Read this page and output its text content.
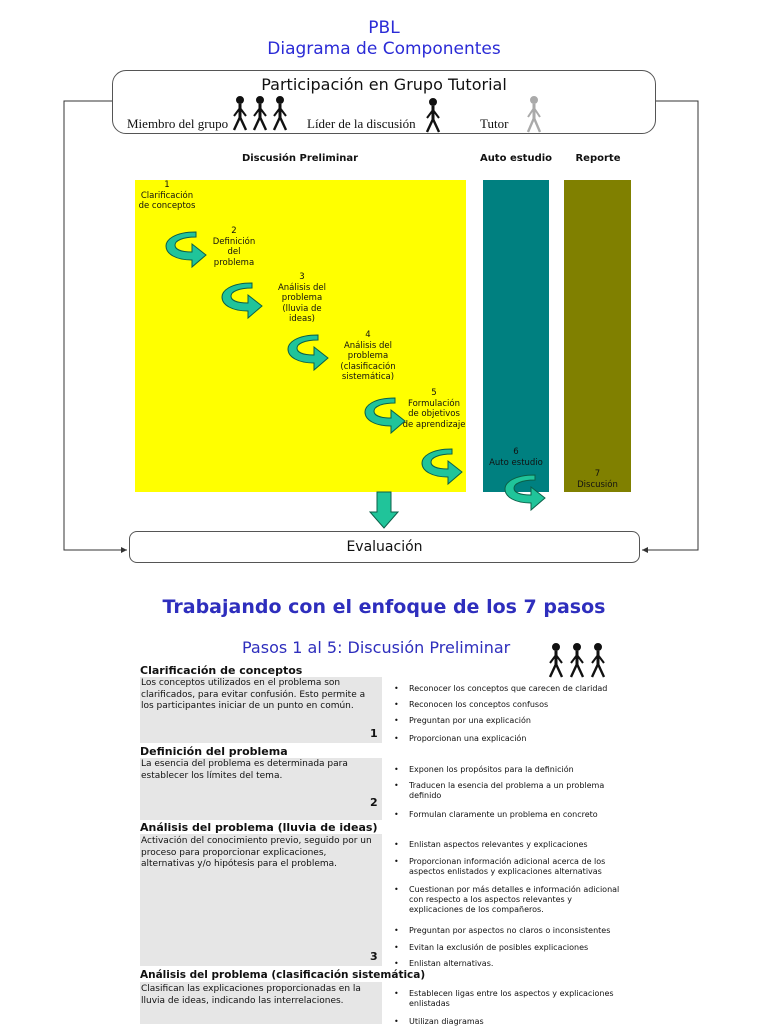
PBL
Diagrama de Componentes
Participación en Grupo Tutorial
Miembro del grupo	Líder de la discusión	Tutor
Discusión Preliminar	Auto estudio	Reporte
1
Clarificación de conceptos
2
Definición del problema
3
Análisis del problema (lluvia de ideas)
4
Análisis del problema (clasificación sistemática)
5
Formulación de objetivos de aprendizaje
6
Auto estudio
7
Discusión
Evaluación
Trabajando con el enfoque de los 7 pasos
Pasos 1 al 5: Discusión Preliminar
Clarificación de conceptos
Los conceptos utilizados en el problema son clarificados, para evitar confusión. Esto permite a los participantes iniciar de un punto en común.
1
• Reconocer los conceptos que carecen de claridad
• Reconocen los conceptos confusos
• Preguntan por una explicación
• Proporcionan una explicación
Definición del problema
La esencia del problema es determinada para establecer los límites del tema.
2
• Exponen los propósitos para la definición
• Traducen la esencia del problema a un problema definido
• Formulan claramente un problema en concreto
Análisis del problema (lluvia de ideas)
Activación del conocimiento previo, seguido por un proceso para proporcionar explicaciones, alternativas y/o hipótesis para el problema.
3
• Enlistan aspectos relevantes y explicaciones
• Proporcionan información adicional acerca de los aspectos enlistados y explicaciones alternativas
• Cuestionan por más detalles e información adicional con respecto a los aspectos relevantes y explicaciones de los compañeros.
• Preguntan por aspectos no claros o inconsistentes
• Evitan la exclusión de posibles explicaciones
• Enlistan alternativas.
Análisis del problema (clasificación sistemática)
Clasifican las explicaciones proporcionadas en la lluvia de ideas, indicando las interrelaciones.
• Establecen ligas entre los aspectos y explicaciones enlistadas
• Utilizan diagramas
